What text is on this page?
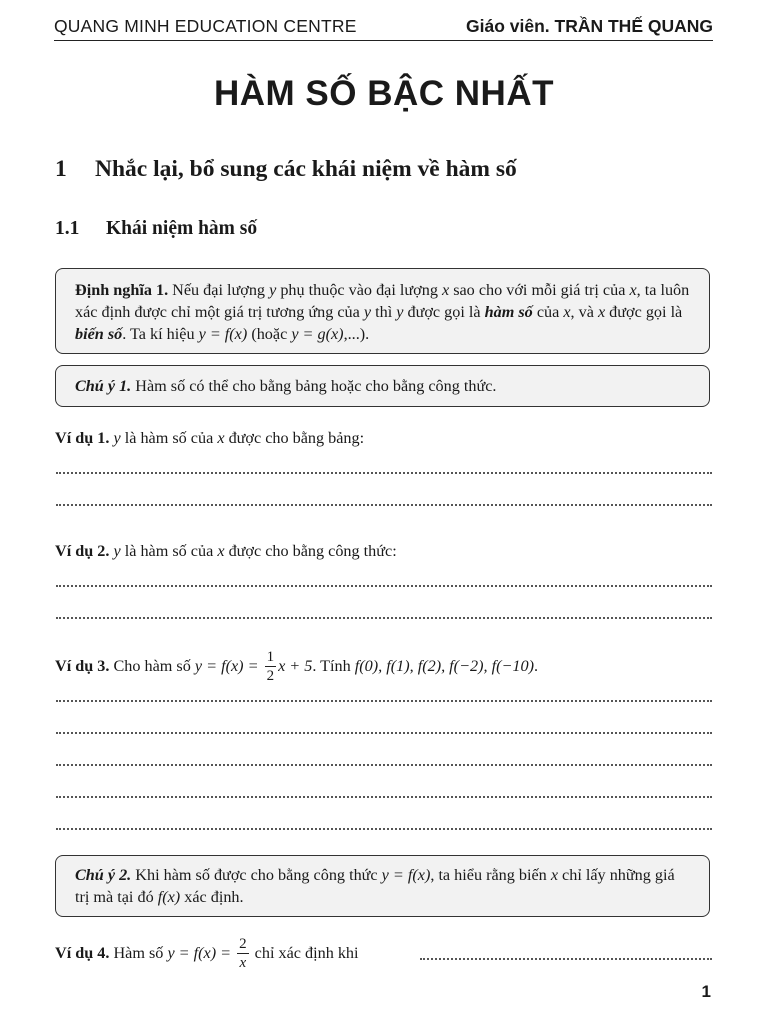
QUANG MINH EDUCATION CENTRE	Giáo viên. TRẦN THẾ QUANG
HÀM SỐ BẬC NHẤT
1 Nhắc lại, bổ sung các khái niệm về hàm số
1.1 Khái niệm hàm số
Định nghĩa 1. Nếu đại lượng y phụ thuộc vào đại lượng x sao cho với mỗi giá trị của x, ta luôn xác định được chỉ một giá trị tương ứng của y thì y được gọi là hàm số của x, và x được gọi là biến số. Ta kí hiệu y = f(x) (hoặc y = g(x),...).
Chú ý 1. Hàm số có thể cho bằng bảng hoặc cho bằng công thức.
Ví dụ 1. y là hàm số của x được cho bằng bảng:
Ví dụ 2. y là hàm số của x được cho bằng công thức:
Ví dụ 3. Cho hàm số $y = f(x) = \frac{1}{2}$ x + 5. Tính f(0), f(1), f(2), f(−2), f(−10).
Chú ý 2. Khi hàm số được cho bằng công thức y = f(x), ta hiểu rằng biến x chỉ lấy những giá trị mà tại đó f(x) xác định.
Ví dụ 4. Hàm số $y = f(x) = \frac{2}{x}$ chỉ xác định khi
1
